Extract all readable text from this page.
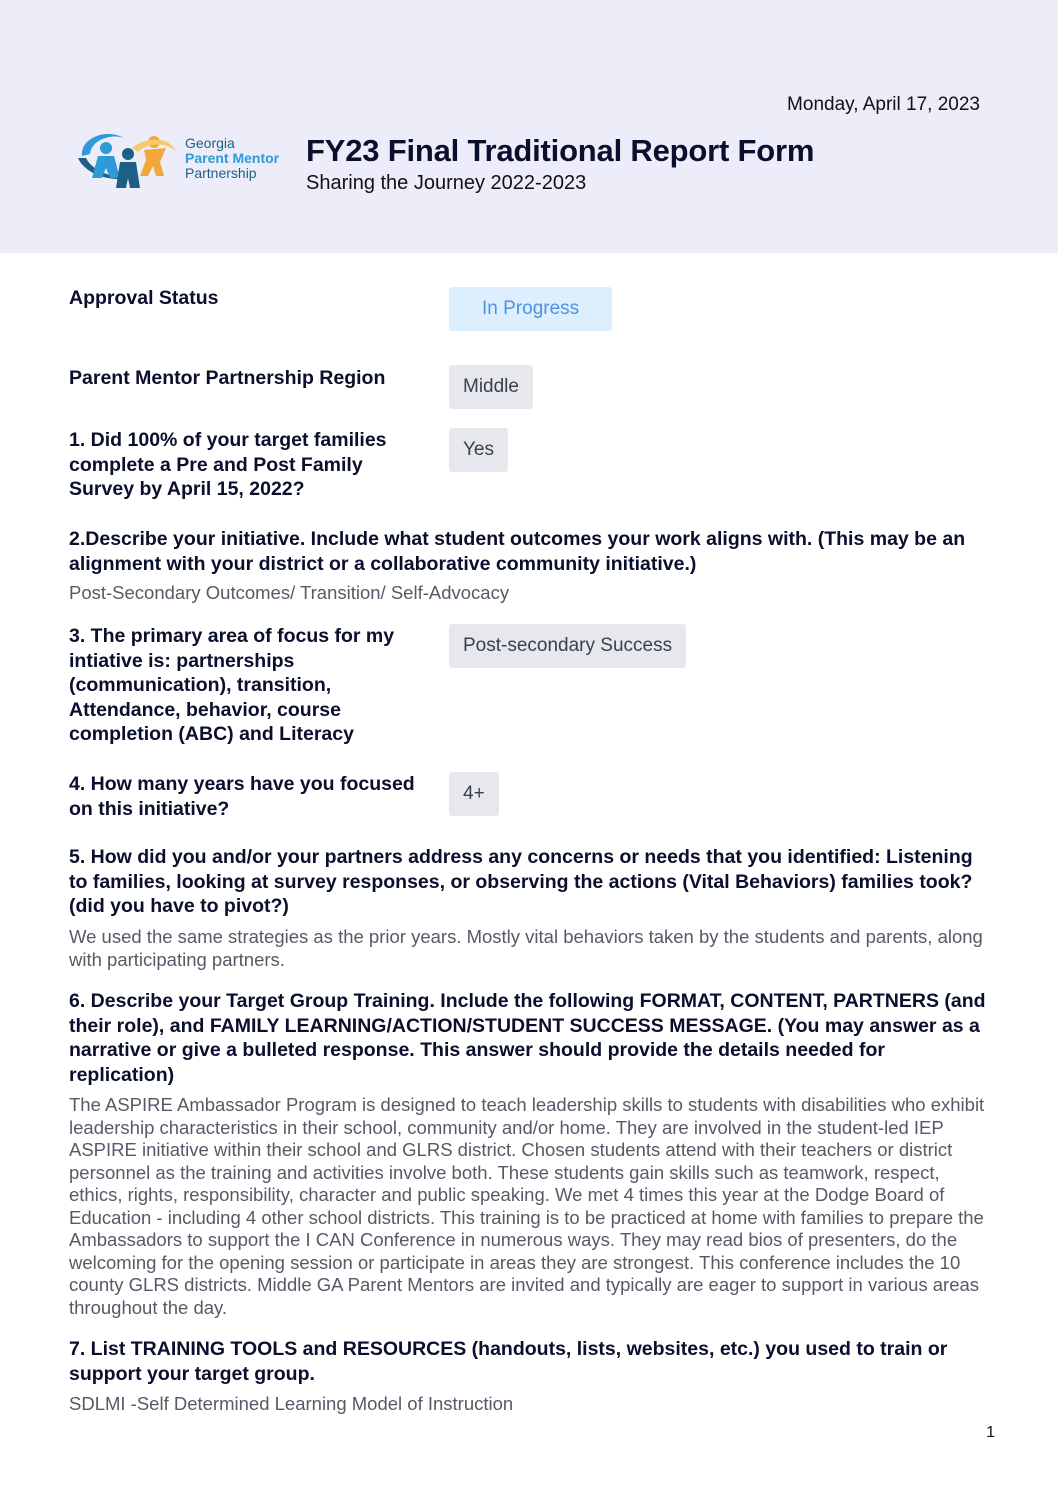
Monday, April 17, 2023
Georgia
Parent Mentor
Partnership
FY23 Final Traditional Report Form
Sharing the Journey 2022-2023
Approval Status	In Progress
Parent Mentor Partnership Region	Middle
1. Did 100% of your target families complete a Pre and Post Family Survey by April 15, 2022?
Yes
2.Describe your initiative. Include what student outcomes your work aligns with. (This may be an alignment with your district or a collaborative community initiative.)
Post-Secondary Outcomes/ Transition/ Self-Advocacy
3. The primary area of focus for my intiative is: partnerships (communication), transition, Attendance, behavior, course completion (ABC) and Literacy
Post-secondary Success
4. How many years have you focused on this initiative?
4+
5. How did you and/or your partners address any concerns or needs that you identified: Listening to families, looking at survey responses, or observing the actions (Vital Behaviors) families took? (did you have to pivot?)
We used the same strategies as the prior years. Mostly vital behaviors taken by the students and parents, along with participating partners.
6. Describe your Target Group Training. Include the following FORMAT, CONTENT, PARTNERS (and their role), and FAMILY LEARNING/ACTION/STUDENT SUCCESS MESSAGE. (You may answer as a narrative or give a bulleted response. This answer should provide the details needed for replication)
The ASPIRE Ambassador Program is designed to teach leadership skills to students with disabilities who exhibit leadership characteristics in their school, community and/or home. They are involved in the student-led IEP ASPIRE initiative within their school and GLRS district. Chosen students attend with their teachers or district personnel as the training and activities involve both. These students gain skills such as teamwork, respect, ethics, rights, responsibility, character and public speaking. We met 4 times this year at the Dodge Board of Education - including 4 other school districts. This training is to be practiced at home with families to prepare the Ambassadors to support the I CAN Conference in numerous ways. They may read bios of presenters, do the welcoming for the opening session or participate in areas they are strongest. This conference includes the 10 county GLRS districts. Middle GA Parent Mentors are invited and typically are eager to support in various areas throughout the day.
7. List TRAINING TOOLS and RESOURCES (handouts, lists, websites, etc.) you used to train or support your target group.
SDLMI -Self Determined Learning Model of Instruction
1
